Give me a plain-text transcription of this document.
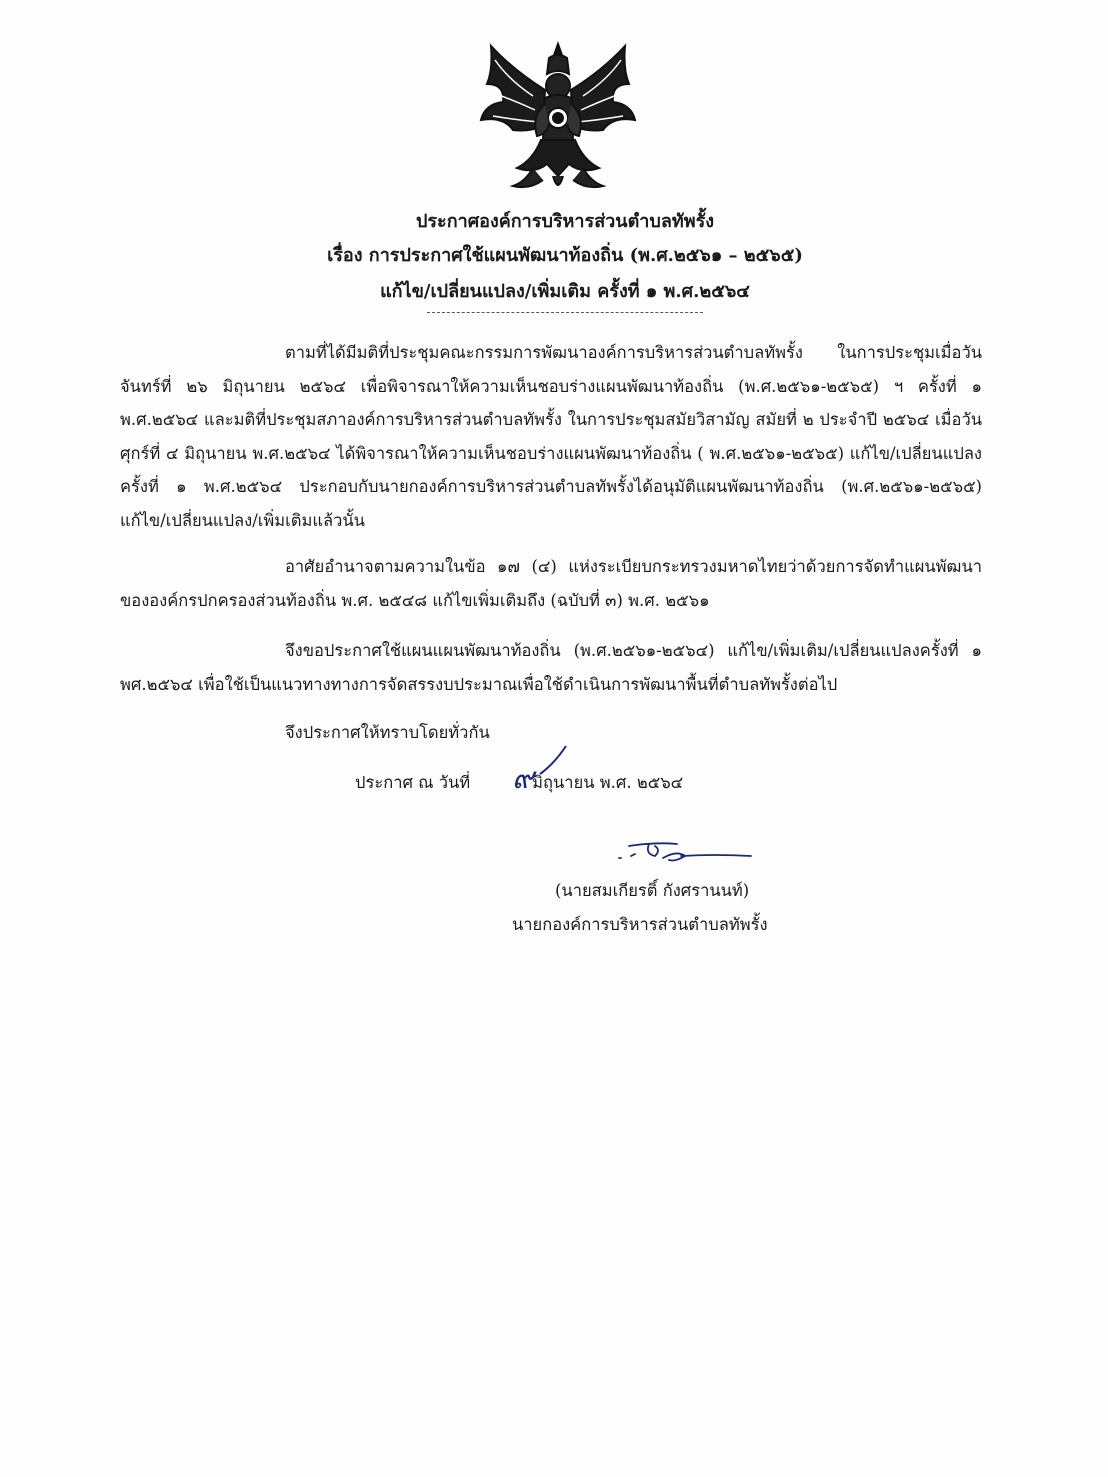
ประกาศองค์การบริหารส่วนตำบลทัพรั้ง
เรื่อง การประกาศใช้แผนพัฒนาท้องถิ่น (พ.ศ.๒๕๖๑ – ๒๕๖๕)
แก้ไข/เปลี่ยนแปลง/เพิ่มเติม ครั้งที่ ๑ พ.ศ.๒๕๖๔
ตามที่ได้มีมติที่ประชุมคณะกรรมการพัฒนาองค์การบริหารส่วนตำบลทัพรั้ง ในการประชุมเมื่อวันจันทร์ที่ ๒๖ มิถุนายน ๒๕๖๔ เพื่อพิจารณาให้ความเห็นชอบร่างแผนพัฒนาท้องถิ่น (พ.ศ.๒๕๖๑-๒๕๖๕) ฯ ครั้งที่ ๑ พ.ศ.๒๕๖๔ และมติที่ประชุมสภาองค์การบริหารส่วนตำบลทัพรั้ง ในการประชุมสมัยวิสามัญ สมัยที่ ๒ ประจำปี ๒๕๖๔ เมื่อวันศุกร์ที่ ๔ มิถุนายน พ.ศ.๒๕๖๔ ได้พิจารณาให้ความเห็นชอบร่างแผนพัฒนาท้องถิ่น ( พ.ศ.๒๕๖๑-๒๕๖๕) แก้ไข/เปลี่ยนแปลง ครั้งที่ ๑ พ.ศ.๒๕๖๔ ประกอบกับนายกองค์การบริหารส่วนตำบลทัพรั้งได้อนุมัติแผนพัฒนาท้องถิ่น (พ.ศ.๒๕๖๑-๒๕๖๕) แก้ไข/เปลี่ยนแปลง/เพิ่มเติมแล้วนั้น
อาศัยอำนาจตามความในข้อ ๑๗ (๔) แห่งระเบียบกระทรวงมหาดไทยว่าด้วยการจัดทำแผนพัฒนาขององค์กรปกครองส่วนท้องถิ่น พ.ศ. ๒๕๔๘ แก้ไขเพิ่มเติมถึง (ฉบับที่ ๓) พ.ศ. ๒๕๖๑
จึงขอประกาศใช้แผนแผนพัฒนาท้องถิ่น (พ.ศ.๒๕๖๑-๒๕๖๔) แก้ไข/เพิ่มเติม/เปลี่ยนแปลงครั้งที่ ๑ พศ.๒๕๖๔ เพื่อใช้เป็นแนวทางทางการจัดสรรงบประมาณเพื่อใช้ดำเนินการพัฒนาพื้นที่ตำบลทัพรั้งต่อไป
จึงประกาศให้ทราบโดยทั่วกัน
ประกาศ ณ วันที่	มิถุนายน พ.ศ. ๒๕๖๔
๙
(นายสมเกียรติ์ กังศรานนท์)
นายกองค์การบริหารส่วนตำบลทัพรั้ง
